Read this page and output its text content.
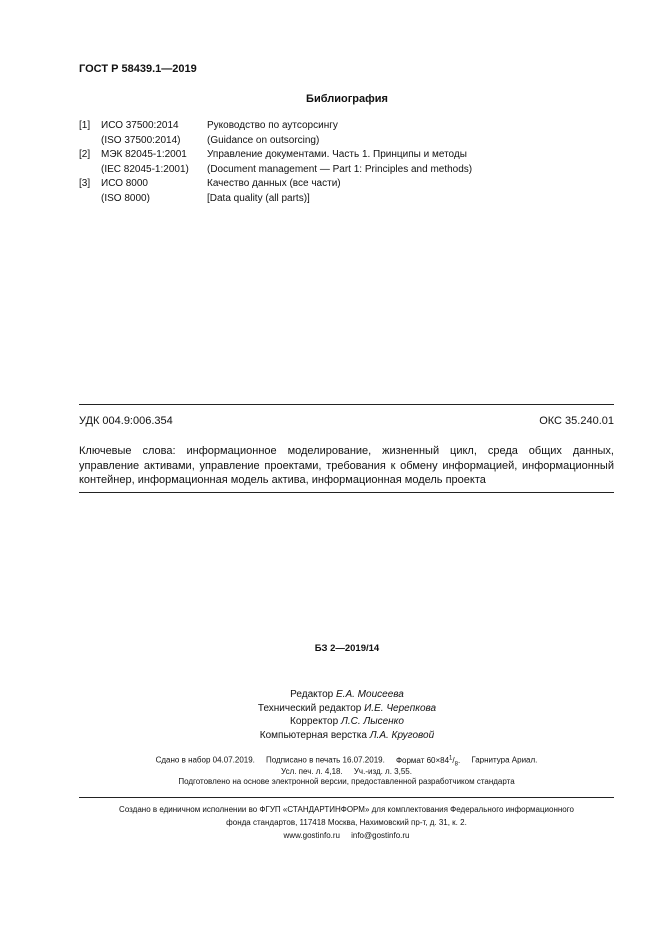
ГОСТ Р 58439.1—2019
Библиография
[1]	ИСО 37500:2014	Руководство по аутсорсингу
(ISO 37500:2014)	(Guidance on outsorcing)
[2]	МЭК 82045-1:2001	Управление документами. Часть 1. Принципы и методы
(IEC 82045-1:2001)	(Document management — Part 1: Principles and methods)
[3]	ИСО 8000	Качество данных (все части)
(ISO 8000)	[Data quality (all parts)]
УДК 004.9:006.354	ОКС 35.240.01
Ключевые слова: информационное моделирование, жизненный цикл, среда общих данных, управление активами, управление проектами, требования к обмену информацией, информационный контейнер, информационная модель актива, информационная модель проекта
БЗ 2—2019/14
Редактор Е.А. Моисеева
Технический редактор И.Е. Черепкова
Корректор Л.С. Лысенко
Компьютерная верстка Л.А. Круговой
Сдано в набор 04.07.2019. Подписано в печать 16.07.2019. Формат $60\times 84^1/_8$. Гарнитура Ариал.
Усл. печ. л. 4,18. Уч.-изд. л. 3,55.
Подготовлено на основе электронной версии, предоставленной разработчиком стандарта
Создано в единичном исполнении во ФГУП «СТАНДАРТИНФОРМ» для комплектования Федерального информационного
фонда стандартов, 117418 Москва, Нахимовский пр-т, д. 31, к. 2.
www.gostinfo.ru info@gostinfo.ru
